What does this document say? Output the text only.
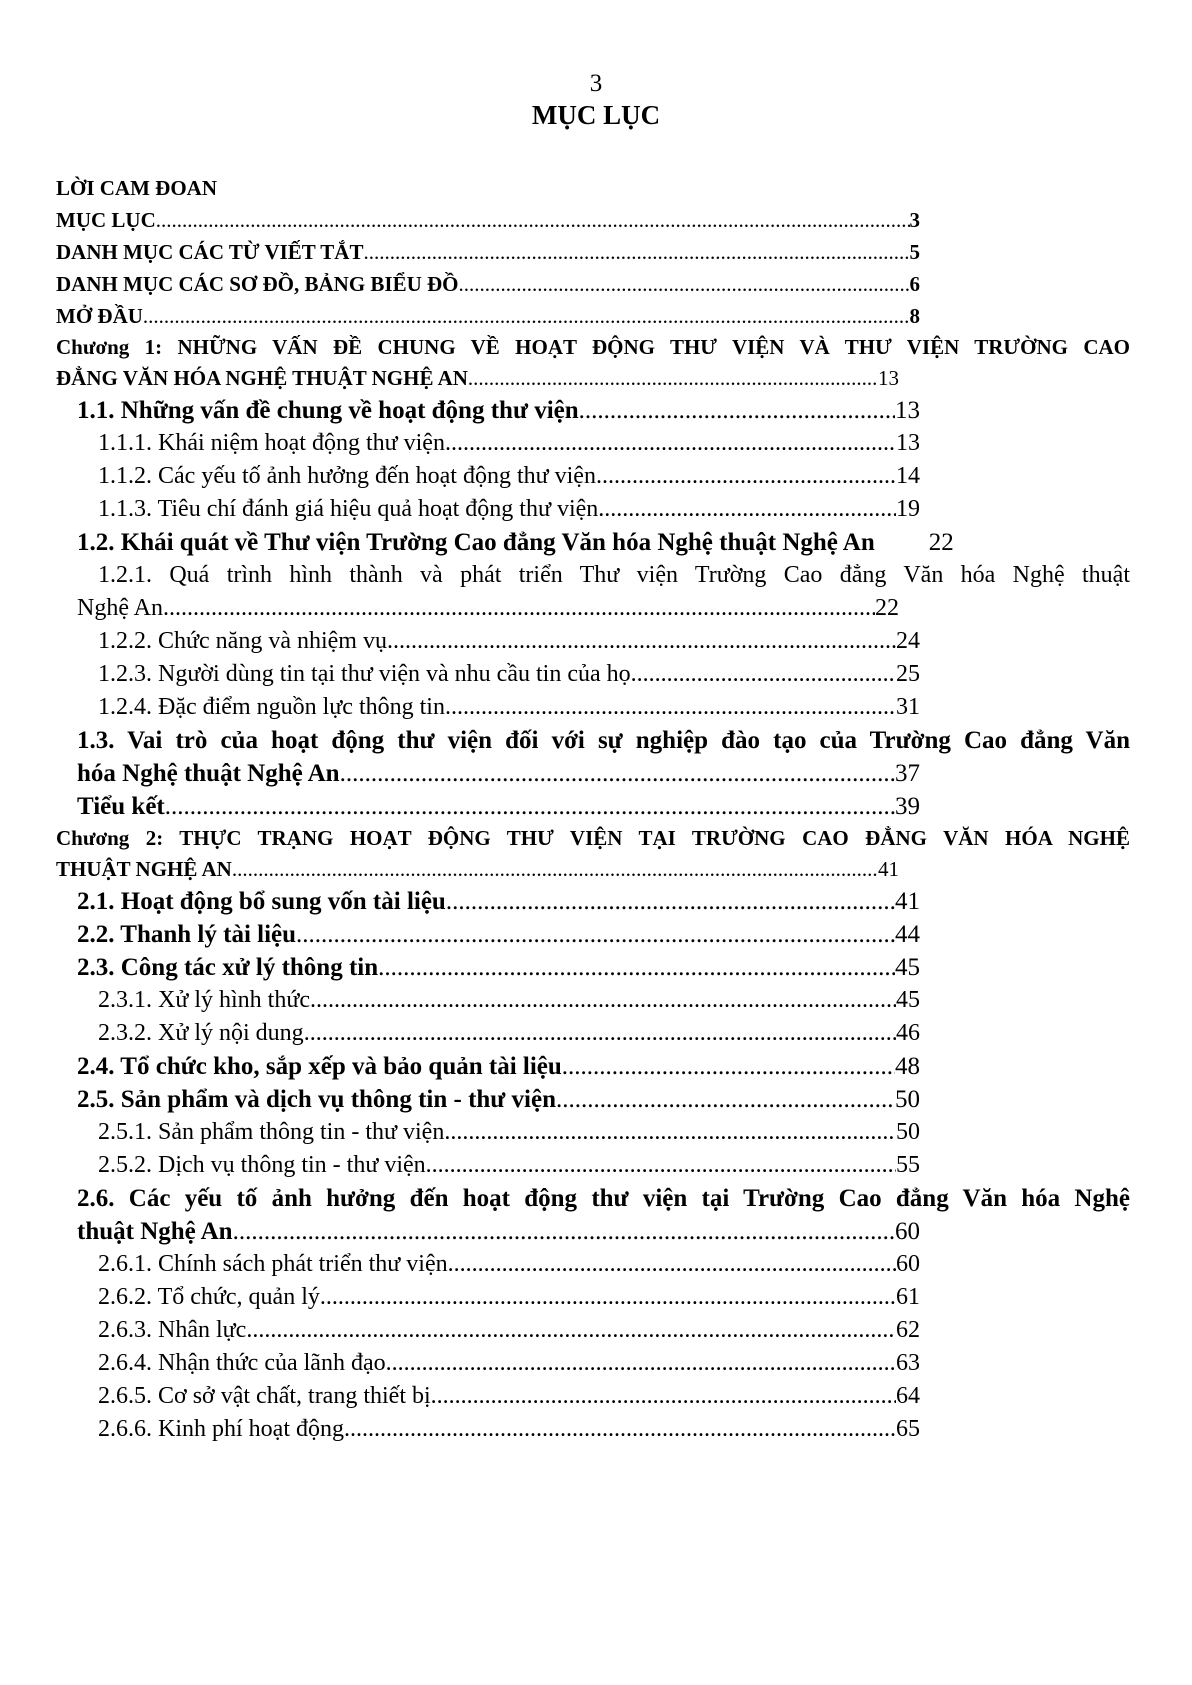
3
MỤC LỤC
LỜI CAM ĐOAN
MỤC LỤC .....	3
DANH MỤC CÁC TỪ VIẾT TẮT .....	5
DANH MỤC CÁC SƠ ĐỒ, BẢNG BIỂU ĐỒ .....	6
MỞ ĐẦU .....	8
Chương 1: NHỮNG VẤN ĐỀ CHUNG VỀ HOẠT ĐỘNG THƯ VIỆN VÀ THƯ VIỆN TRƯỜNG CAO
ĐẲNG VĂN HÓA NGHỆ THUẬT NGHỆ AN .....	13
1.1. Những vấn đề chung về hoạt động thư viện .....	13
1.1.1. Khái niệm hoạt động thư viện .....	13
1.1.2. Các yếu tố ảnh hưởng đến hoạt động thư viện .....	14
1.1.3. Tiêu chí đánh giá hiệu quả hoạt động thư viện .....	19
1.2. Khái quát về Thư viện Trường Cao đẳng Văn hóa Nghệ thuật Nghệ An	22
1.2.1. Quá trình hình thành và phát triển Thư viện Trường Cao đẳng Văn hóa Nghệ thuật
Nghệ An .....	22
1.2.2. Chức năng và nhiệm vụ .....	24
1.2.3. Người dùng tin tại thư viện và nhu cầu tin của họ .....	25
1.2.4. Đặc điểm nguồn lực thông tin .....	31
1.3. Vai trò của hoạt động thư viện đối với sự nghiệp đào tạo của Trường Cao đẳng Văn
hóa Nghệ thuật Nghệ An .....	37
Tiểu kết .....	39
Chương 2: THỰC TRẠNG HOẠT ĐỘNG THƯ VIỆN TẠI TRƯỜNG CAO ĐẲNG VĂN HÓA NGHỆ
THUẬT NGHỆ AN .....	41
2.1. Hoạt động bổ sung vốn tài liệu .....	41
2.2. Thanh lý tài liệu .....	44
2.3. Công tác xử lý thông tin .....	45
2.3.1. Xử lý hình thức .....	45
2.3.2. Xử lý nội dung .....	46
2.4. Tổ chức kho, sắp xếp và bảo quản tài liệu .....	48
2.5. Sản phẩm và dịch vụ thông tin - thư viện .....	50
2.5.1. Sản phẩm thông tin - thư viện .....	50
2.5.2. Dịch vụ thông tin - thư viện .....	55
2.6. Các yếu tố ảnh hưởng đến hoạt động thư viện tại Trường Cao đẳng Văn hóa Nghệ
thuật Nghệ An .....	60
2.6.1. Chính sách phát triển thư viện .....	60
2.6.2. Tổ chức, quản lý .....	61
2.6.3. Nhân lực .....	62
2.6.4. Nhận thức của lãnh đạo .....	63
2.6.5. Cơ sở vật chất, trang thiết bị .....	64
2.6.6. Kinh phí hoạt động .....	65
